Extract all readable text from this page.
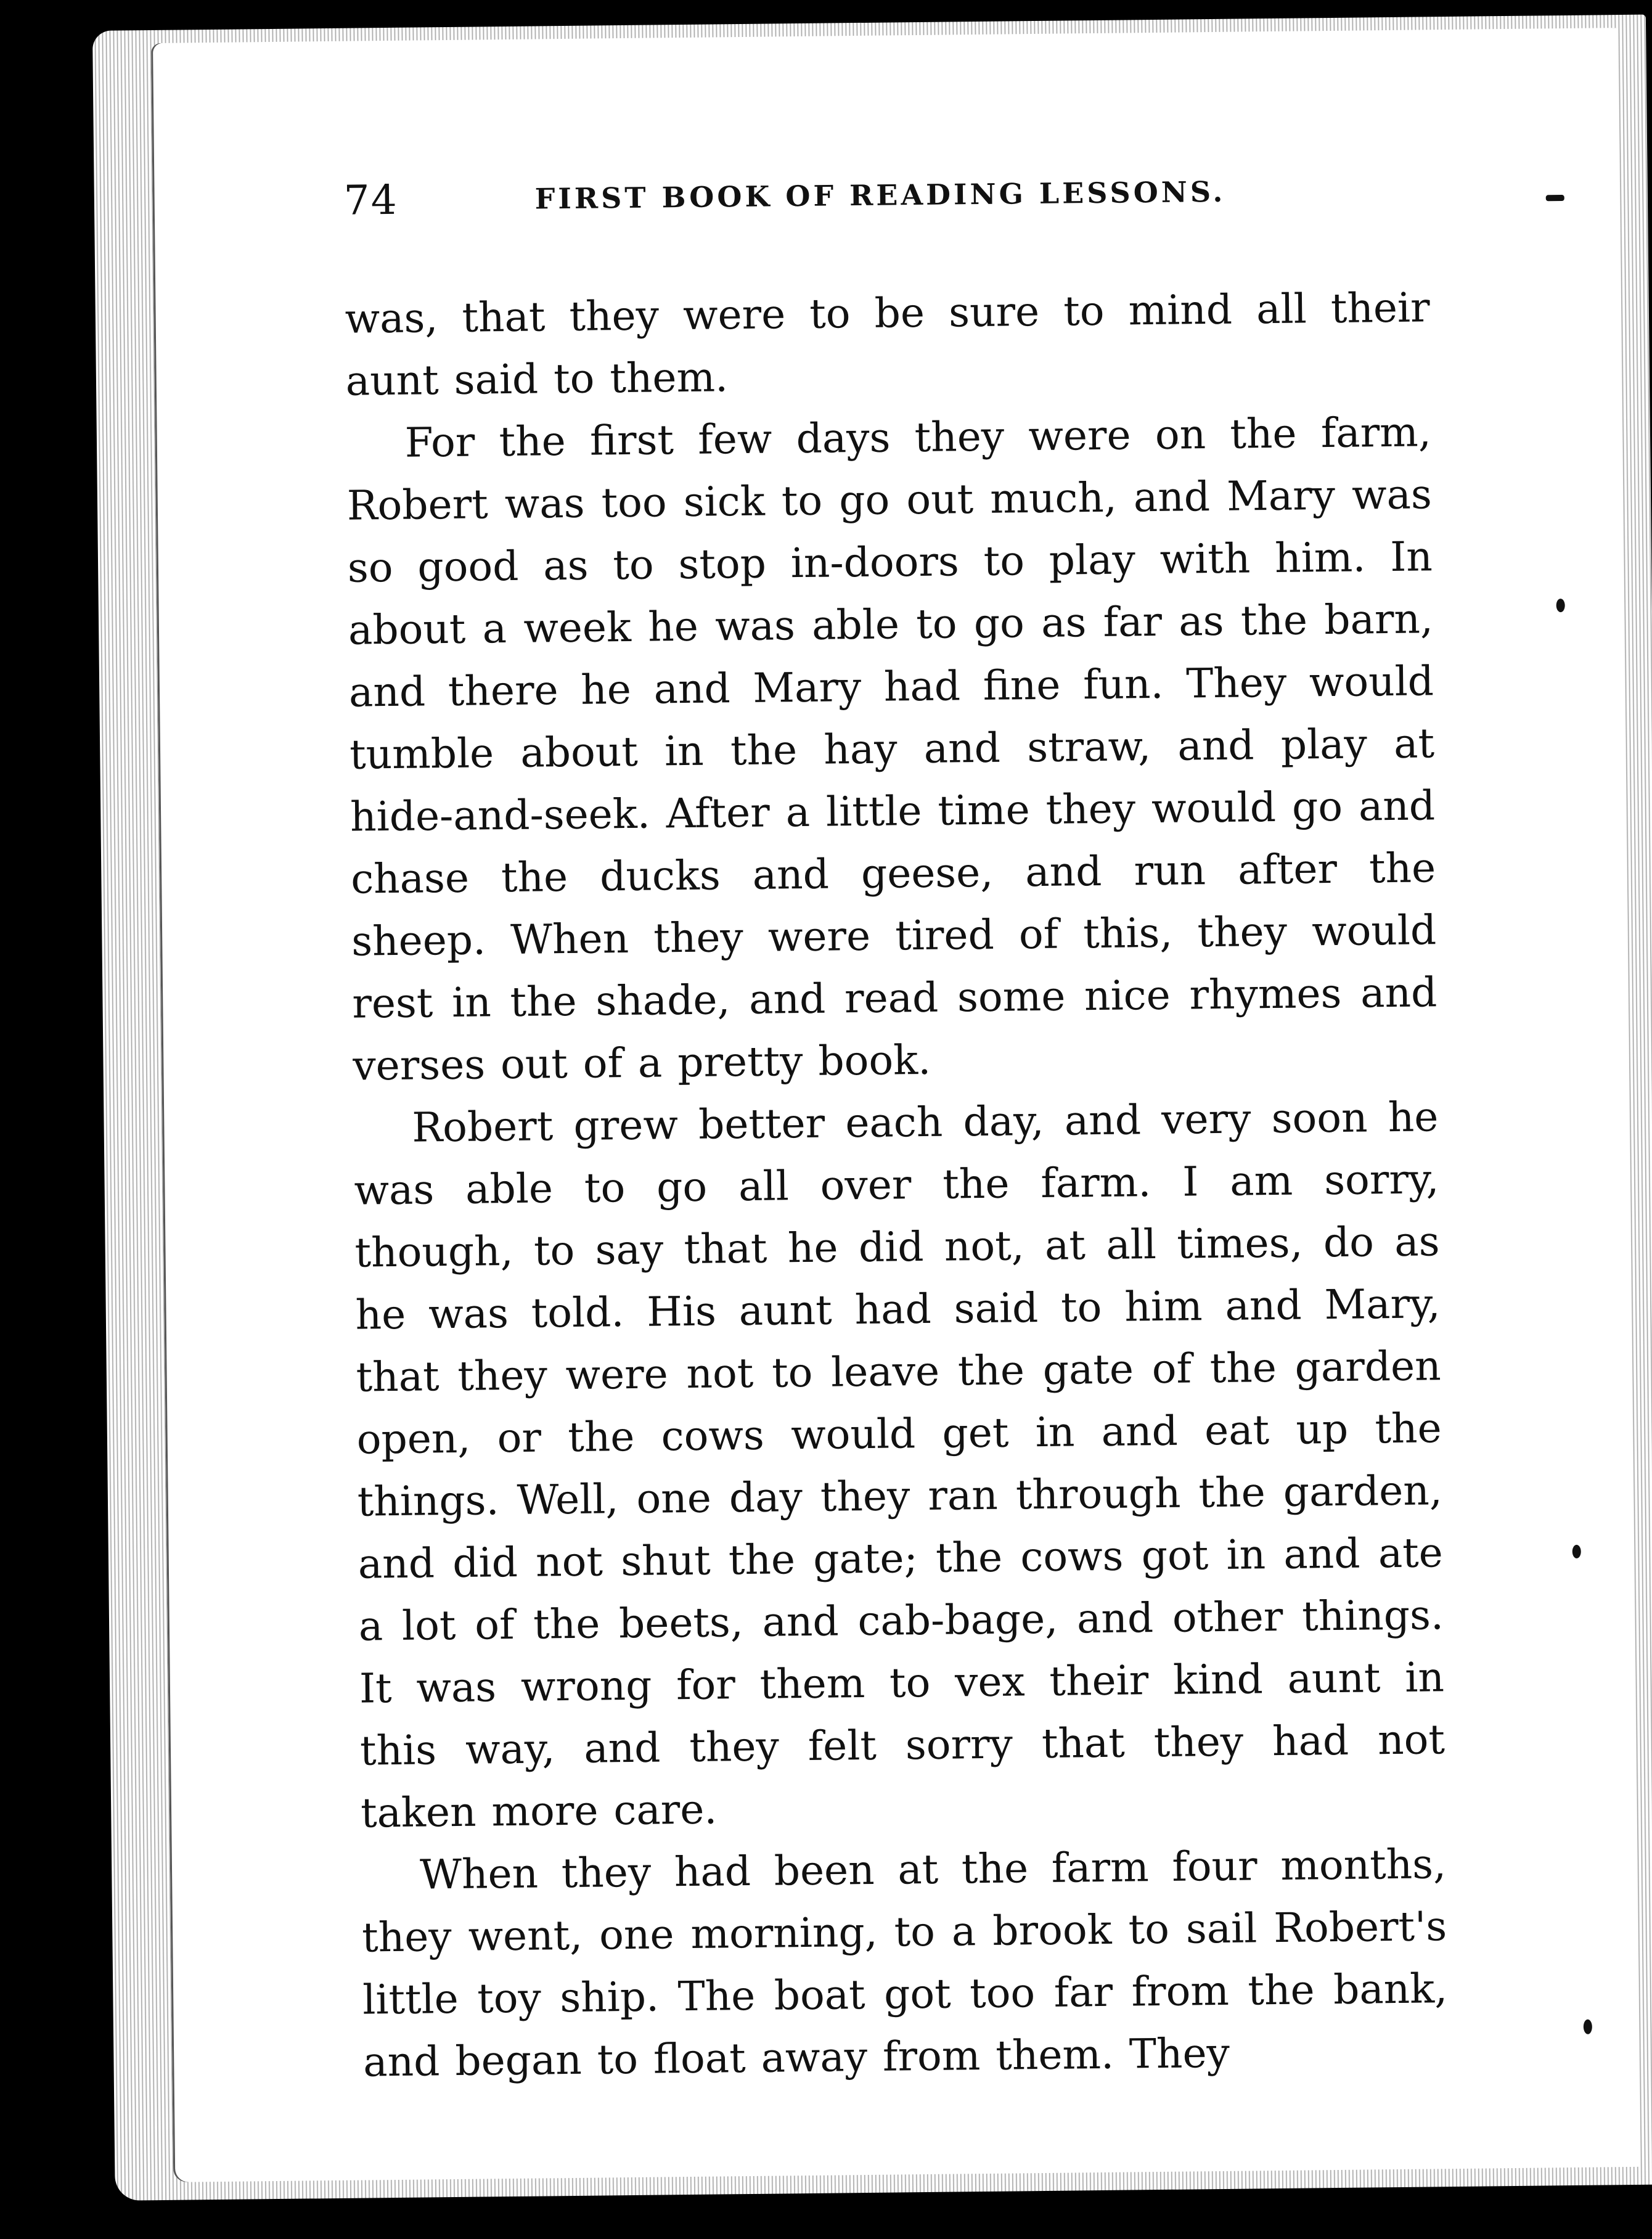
74	FIRST BOOK OF READING LESSONS.

was, that they were to be sure to mind all their aunt said to them.

For the first few days they were on the farm, Robert was too sick to go out much, and Mary was so good as to stop in-doors to play with him. In about a week he was able to go as far as the barn, and there he and Mary had fine fun. They would tumble about in the hay and straw, and play at hide-and-seek. After a little time they would go and chase the ducks and geese, and run after the sheep. When they were tired of this, they would rest in the shade, and read some nice rhymes and verses out of a pretty book.

Robert grew better each day, and very soon he was able to go all over the farm. I am sorry, though, to say that he did not, at all times, do as he was told. His aunt had said to him and Mary, that they were not to leave the gate of the garden open, or the cows would get in and eat up the things. Well, one day they ran through the garden, and did not shut the gate; the cows got in and ate a lot of the beets, and cab-bage, and other things. It was wrong for them to vex their kind aunt in this way, and they felt sorry that they had not taken more care.

When they had been at the farm four months, they went, one morning, to a brook to sail Robert's little toy ship. The boat got too far from the bank, and began to float away from them. They
